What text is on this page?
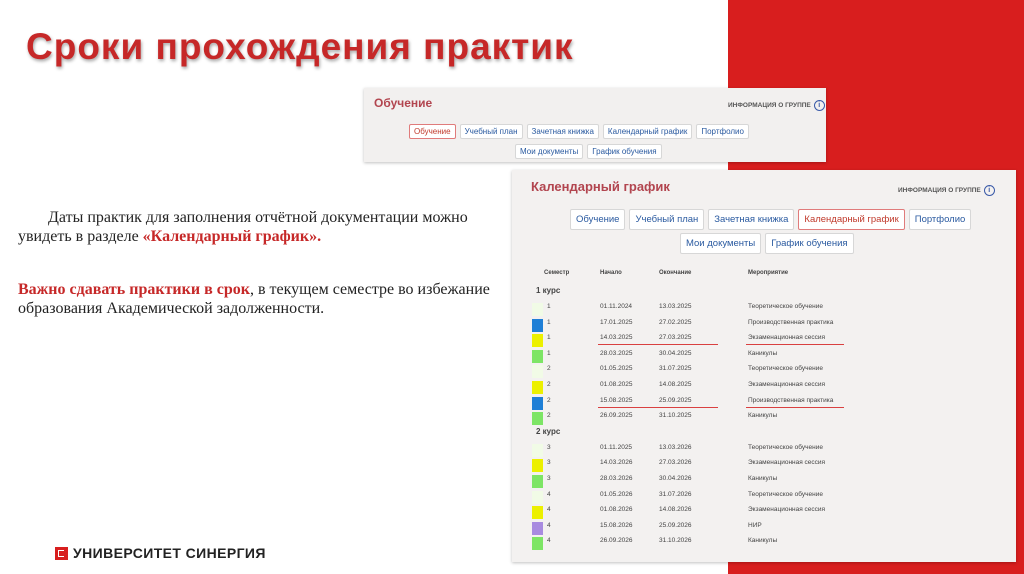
Сроки прохождения практик
Обучение	ИНФОРМАЦИЯ О ГРУППЕ	i
Обучение	Учебный план	Зачетная книжка	Календарный график	Портфолио
Мои документы	График обучения
Календарный график	ИНФОРМАЦИЯ О ГРУППЕ	i
Обучение	Учебный план	Зачетная книжка	Календарный график	Портфолио
Мои документы	График обучения
Семестр	Начало	Окончание	Мероприятие
1 курс
1	01.11.2024	13.03.2025	Теоретическое обучение
1	17.01.2025	27.02.2025	Производственная практика
1	14.03.2025	27.03.2025	Экзаменационная сессия
1	28.03.2025	30.04.2025	Каникулы
2	01.05.2025	31.07.2025	Теоретическое обучение
2	01.08.2025	14.08.2025	Экзаменационная сессия
2	15.08.2025	25.09.2025	Производственная практика
2	26.09.2025	31.10.2025	Каникулы
2 курс
3	01.11.2025	13.03.2026	Теоретическое обучение
3	14.03.2026	27.03.2026	Экзаменационная сессия
3	28.03.2026	30.04.2026	Каникулы
4	01.05.2026	31.07.2026	Теоретическое обучение
4	01.08.2026	14.08.2026	Экзаменационная сессия
4	15.08.2026	25.09.2026	НИР
4	26.09.2026	31.10.2026	Каникулы

Даты практик для заполнения отчётной документации можно увидеть в разделе «Календарный график».

Важно сдавать практики в срок, в текущем семестре во избежание образования Академической задолженности.

УНИВЕРСИТЕТ СИНЕРГИЯ
